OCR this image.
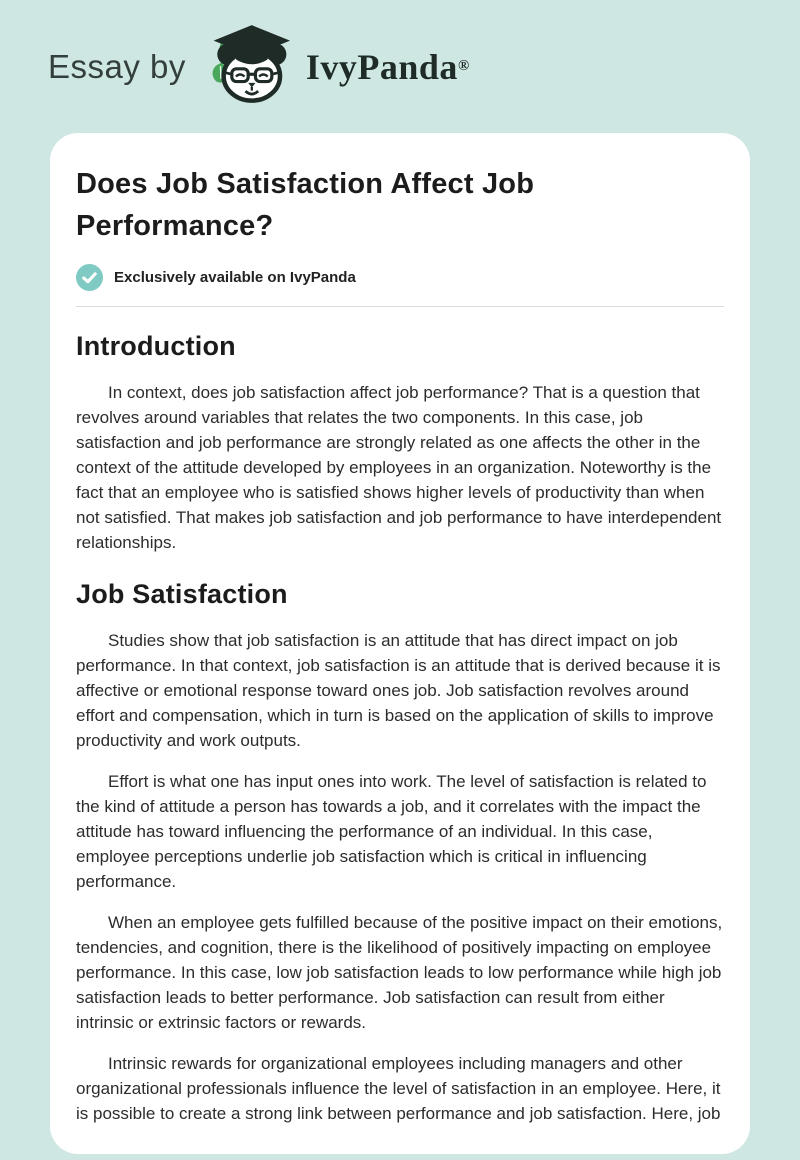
Essay by	IvyPanda ®
Does Job Satisfaction Affect Job Performance?
Exclusively available on IvyPanda
Introduction

In context, does job satisfaction affect job performance? That is a question that revolves around variables that relates the two components. In this case, job satisfaction and job performance are strongly related as one affects the other in the context of the attitude developed by employees in an organization. Noteworthy is the fact that an employee who is satisfied shows higher levels of productivity than when not satisfied. That makes job satisfaction and job performance to have interdependent relationships.

Job Satisfaction

Studies show that job satisfaction is an attitude that has direct impact on job performance. In that context, job satisfaction is an attitude that is derived because it is affective or emotional response toward ones job. Job satisfaction revolves around effort and compensation, which in turn is based on the application of skills to improve productivity and work outputs.

Effort is what one has input ones into work. The level of satisfaction is related to the kind of attitude a person has towards a job, and it correlates with the impact the attitude has toward influencing the performance of an individual. In this case, employee perceptions underlie job satisfaction which is critical in influencing performance.

When an employee gets fulfilled because of the positive impact on their emotions, tendencies, and cognition, there is the likelihood of positively impacting on employee performance. In this case, low job satisfaction leads to low performance while high job satisfaction leads to better performance. Job satisfaction can result from either intrinsic or extrinsic factors or rewards.

Intrinsic rewards for organizational employees including managers and other organizational professionals influence the level of satisfaction in an employee. Here, it is possible to create a strong link between performance and job satisfaction. Here, job
